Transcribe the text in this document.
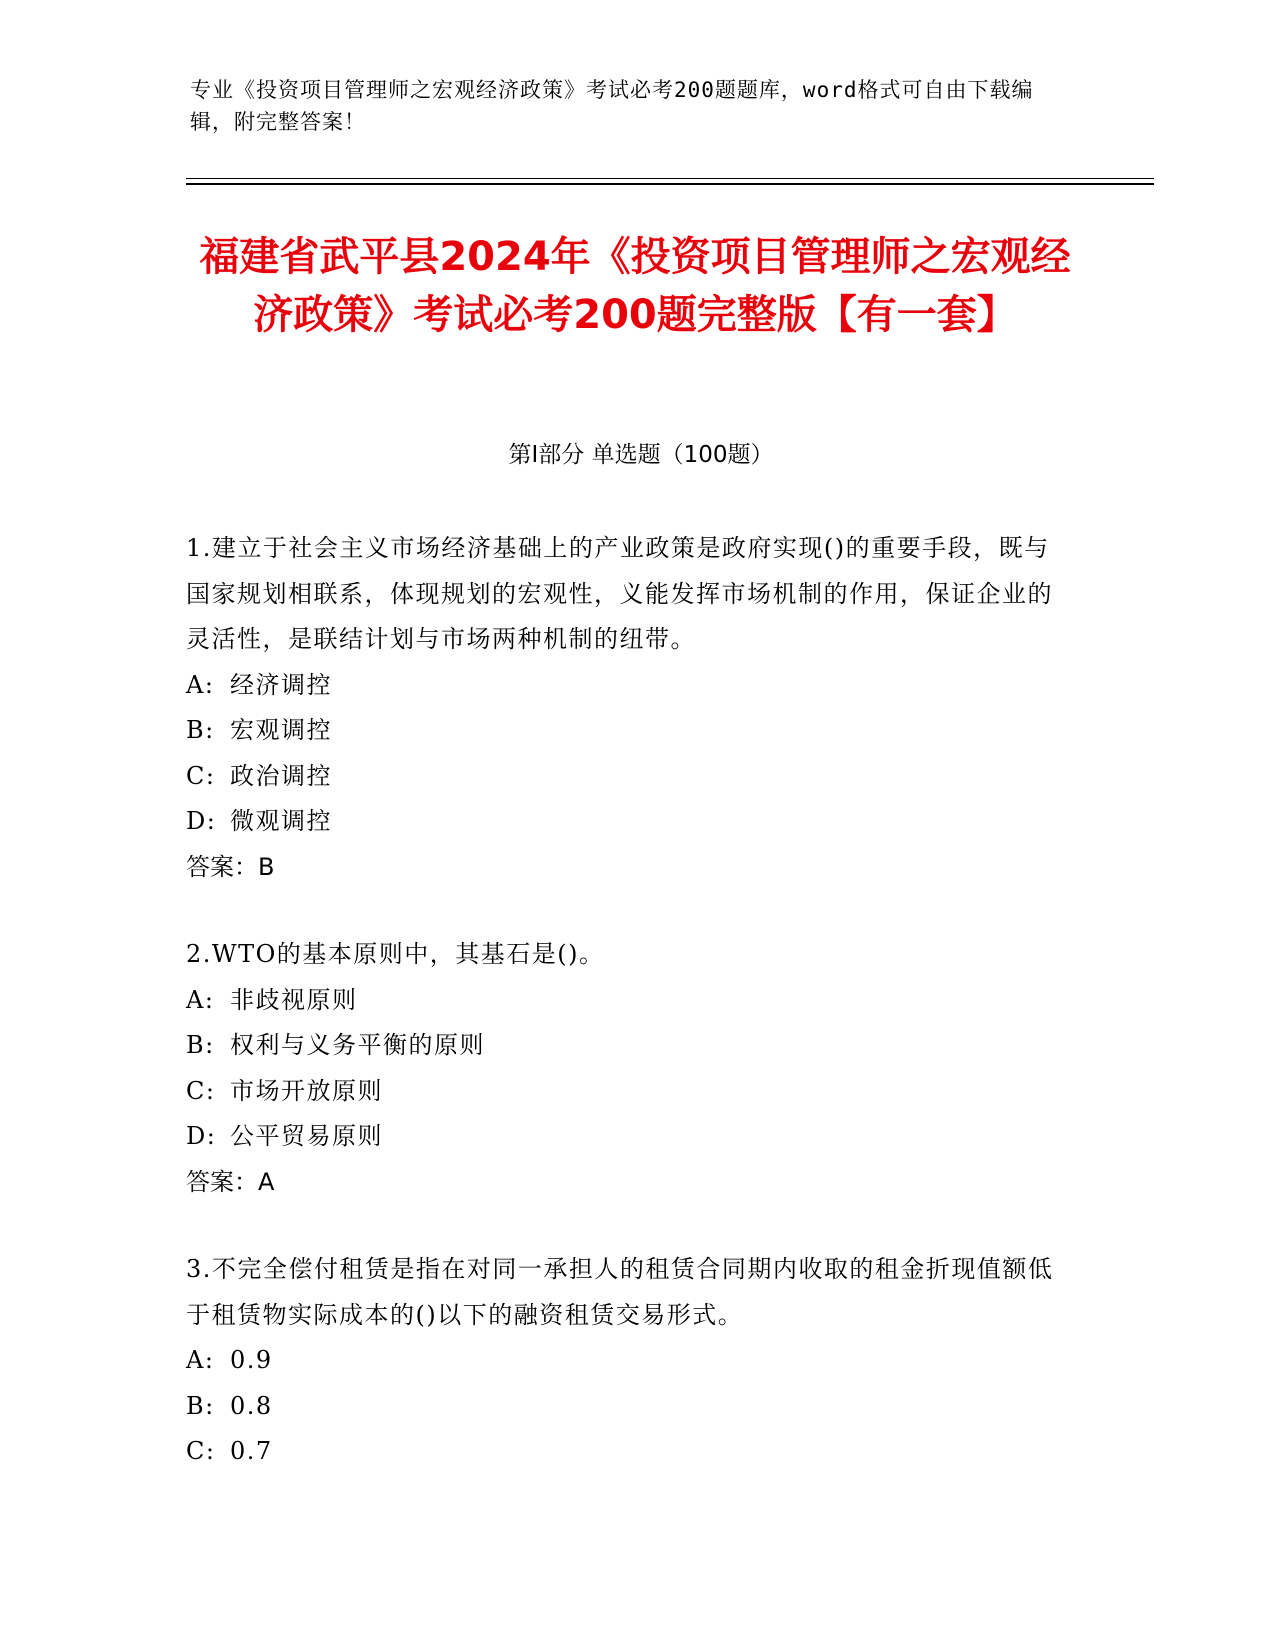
专业《投资项目管理师之宏观经济政策》考试必考200题题库，word格式可自由下载编辑，附完整答案！
福建省武平县2024年《投资项目管理师之宏观经济政策》考试必考200题完整版【有一套】
第I部分 单选题（100题）
1.建立于社会主义市场经济基础上的产业政策是政府实现()的重要手段，既与国家规划相联系，体现规划的宏观性，义能发挥市场机制的作用，保证企业的灵活性，是联结计划与市场两种机制的纽带。
A: 经济调控
B: 宏观调控
C: 政治调控
D: 微观调控
答案：B
2.WTO的基本原则中，其基石是()。
A: 非歧视原则
B: 权利与义务平衡的原则
C: 市场开放原则
D: 公平贸易原则
答案：A
3.不完全偿付租赁是指在对同一承担人的租赁合同期内收取的租金折现值额低于租赁物实际成本的()以下的融资租赁交易形式。
A: 0.9
B: 0.8
C: 0.7
